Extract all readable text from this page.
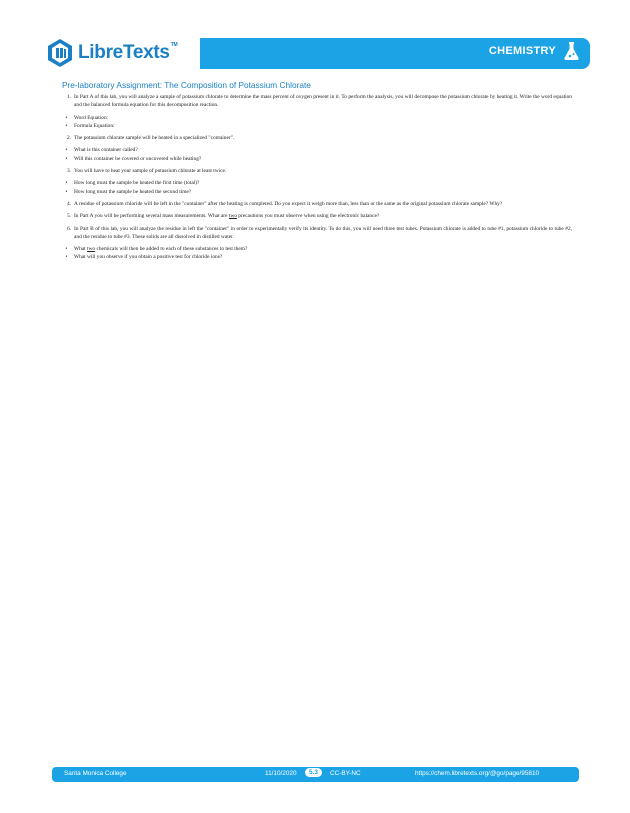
LibreTexts™	CHEMISTRY
Pre-laboratory Assignment: The Composition of Potassium Chlorate
1. In Part A of this lab, you will analyze a sample of potassium chlorate to determine the mass percent of oxygen present in it. To perform the analysis, you will decompose the potassium chlorate by heating it. Write the word equation and the balanced formula equation for this decomposition reaction.
•	Word Equation:
•	Formula Equation:
2. The potassium chlorate sample will be heated in a specialized "container".
•	What is this container called?
•	Will this container be covered or uncovered while heating?
3. You will have to heat your sample of potassium chlorate at least twice.
•	How long must the sample be heated the first time (total)?
•	How long must the sample be heated the second time?
4. A residue of potassium chloride will be left in the "container" after the heating is completed. Do you expect it weigh more than, less than or the same as the original potassium chlorate sample? Why?
5. In Part A you will be performing several mass measurements. What are two precautions you must observe when using the electronic balance?
6. In Part B of this lab, you will analyze the residue in left the "container" in order to experimentally verify its identity. To do this, you will need three test tubes. Potassium chlorate is added to tube #1, potassium chloride to tube #2, and the residue to tube #3. These solids are all dissolved in distilled water.
•	What two chemicals will then be added to each of these substances to test them?
•	What will you observe if you obtain a positive test for chloride ions?
Santa Monica College	11/10/2020	5.3	CC-BY-NC	https://chem.libretexts.org/@go/page/95810
